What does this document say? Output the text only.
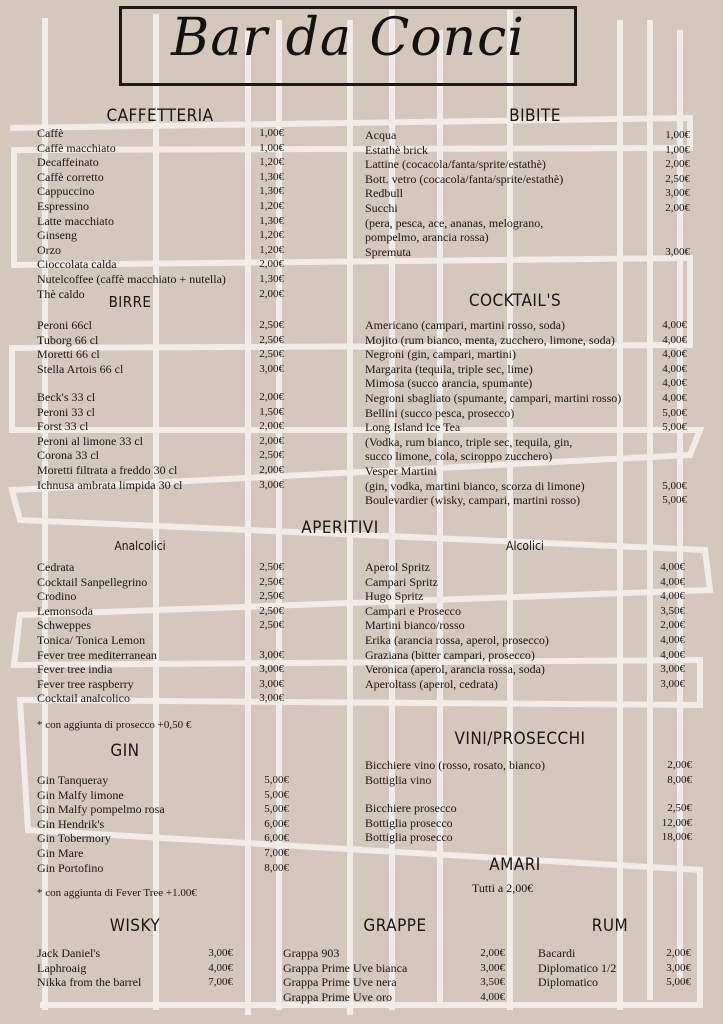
Bar da Conci
CAFFETTERIA
Caffè	1,00€
Caffè macchiato	1,00€
Decaffeinato	1,20€
Caffè corretto	1,30€
Cappuccino	1,30€
Espressino	1,20€
Latte macchiato	1,30€
Ginseng	1,20€
Orzo	1,20€
Cioccolata calda	2,00€
Nutelcoffee (caffè macchiato + nutella)	1,30€
Thè caldo	2,00€
BIBITE
Acqua	1,00€
Estathè brick	1,00€
Lattine (cocacola/fanta/sprite/estathè)	2,00€
Bott. vetro (cocacola/fanta/sprite/estathè)	2,50€
Redbull	3,00€
Succhi	2,00€
(pera, pesca, ace, ananas, melograno,
pompelmo, arancia rossa)
Spremuta	3,00€
BIRRE
Peroni 66cl	2,50€
Tuborg 66 cl	2,50€
Moretti 66 cl	2,50€
Stella Artois 66 cl	3,00€
Beck's 33 cl	2,00€
Peroni 33 cl	1,50€
Forst 33 cl	2,00€
Peroni al limone 33 cl	2,00€
Corona 33 cl	2,50€
Moretti filtrata a freddo 30 cl	2,00€
Ichnusa ambrata limpida 30 cl	3,00€
COCKTAIL'S
Americano (campari, martini rosso, soda)	4,00€
Mojito (rum bianco, menta, zucchero, limone, soda)	4,00€
Negroni (gin, campari, martini)	4,00€
Margarita (tequila, triple sec, lime)	4,00€
Mimosa (succo arancia, spumante)	4,00€
Negroni sbagliato (spumante, campari, martini rosso)	4,00€
Bellini (succo pesca, prosecco)	5,00€
Long Island Ice Tea	5,00€
(Vodka, rum bianco, triple sec, tequila, gin,
succo limone, cola, sciroppo zucchero)
Vesper Martini
(gin, vodka, martini bianco, scorza di limone)	5,00€
Boulevardier (wisky, campari, martini rosso)	5,00€
APERITIVI
Analcolici	Alcolici
Cedrata	2,50€
Cocktail Sanpellegrino	2,50€
Crodino	2,50€
Lemonsoda	2,50€
Schweppes	2,50€
Tonica/ Tonica Lemon
Fever tree mediterranean	3,00€
Fever tree india	3,00€
Fever tree raspberry	3,00€
Cocktail analcolico	3,00€
* con aggiunta di prosecco +0,50 €
Aperol Spritz	4,00€
Campari Spritz	4,00€
Hugo Spritz	4,00€
Campari e Prosecco	3,50€
Martini bianco/rosso	2,00€
Erika (arancia rossa, aperol, prosecco)	4,00€
Graziana (bitter campari, prosecco)	4,00€
Veronica (aperol, arancia rossa, soda)	3,00€
Aperoltass (aperol, cedrata)	3,00€
GIN
Gin Tanqueray	5,00€
Gin Malfy limone	5,00€
Gin Malfy pompelmo rosa	5,00€
Gin Hendrik's	6,00€
Gin Tobermory	6,00€
Gin Mare	7,00€
Gin Portofino	8,00€
* con aggiunta di Fever Tree +1.00€
VINI/PROSECCHI
Bicchiere vino (rosso, rosato, bianco)	2,00€
Bottiglia vino	8,00€
Bicchiere prosecco	2,50€
Bottiglia prosecco	12,00€
Bottiglia prosecco	18,00€
AMARI
Tutti a 2,00€
WISKY
Jack Daniel's	3,00€
Laphroaig	4,00€
Nikka from the barrel	7,00€
GRAPPE
Grappa 903	2,00€
Grappa Prime Uve bianca	3,00€
Grappa Prime Uve nera	3,50€
Grappa Prime Uve oro	4,00€
RUM
Bacardi	2,00€
Diplomatico 1/2	3,00€
Diplomatico	5,00€
